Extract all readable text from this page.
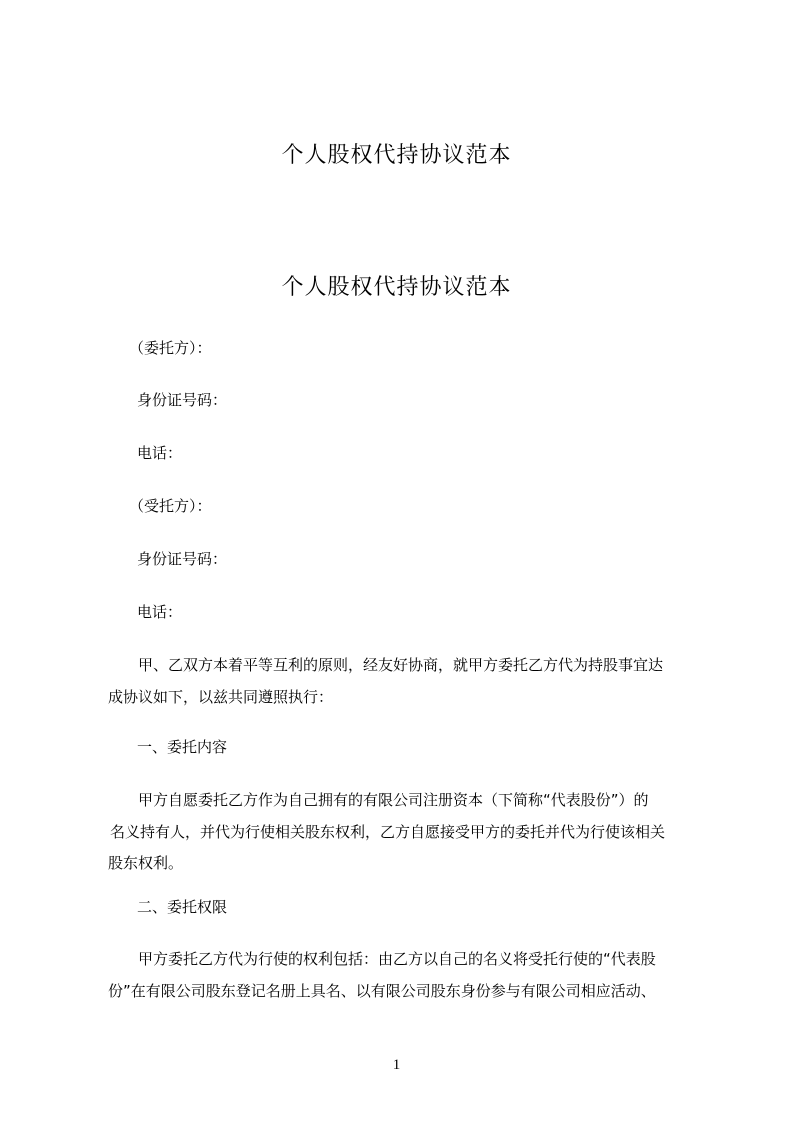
个人股权代持协议范本
个人股权代持协议范本
（委托方）：
身份证号码：
电话：
（受托方）：
身份证号码：
电话：
甲、乙双方本着平等互利的原则，经友好协商，就甲方委托乙方代为持股事宜达
成协议如下，以兹共同遵照执行：
一、委托内容
甲方自愿委托乙方作为自己拥有的有限公司注册资本（下简称“代表股份”）的
名义持有人，并代为行使相关股东权利，乙方自愿接受甲方的委托并代为行使该相关
股东权利。
二、委托权限
甲方委托乙方代为行使的权利包括：由乙方以自己的名义将受托行使的“代表股
份”在有限公司股东登记名册上具名、以有限公司股东身份参与有限公司相应活动、
1
